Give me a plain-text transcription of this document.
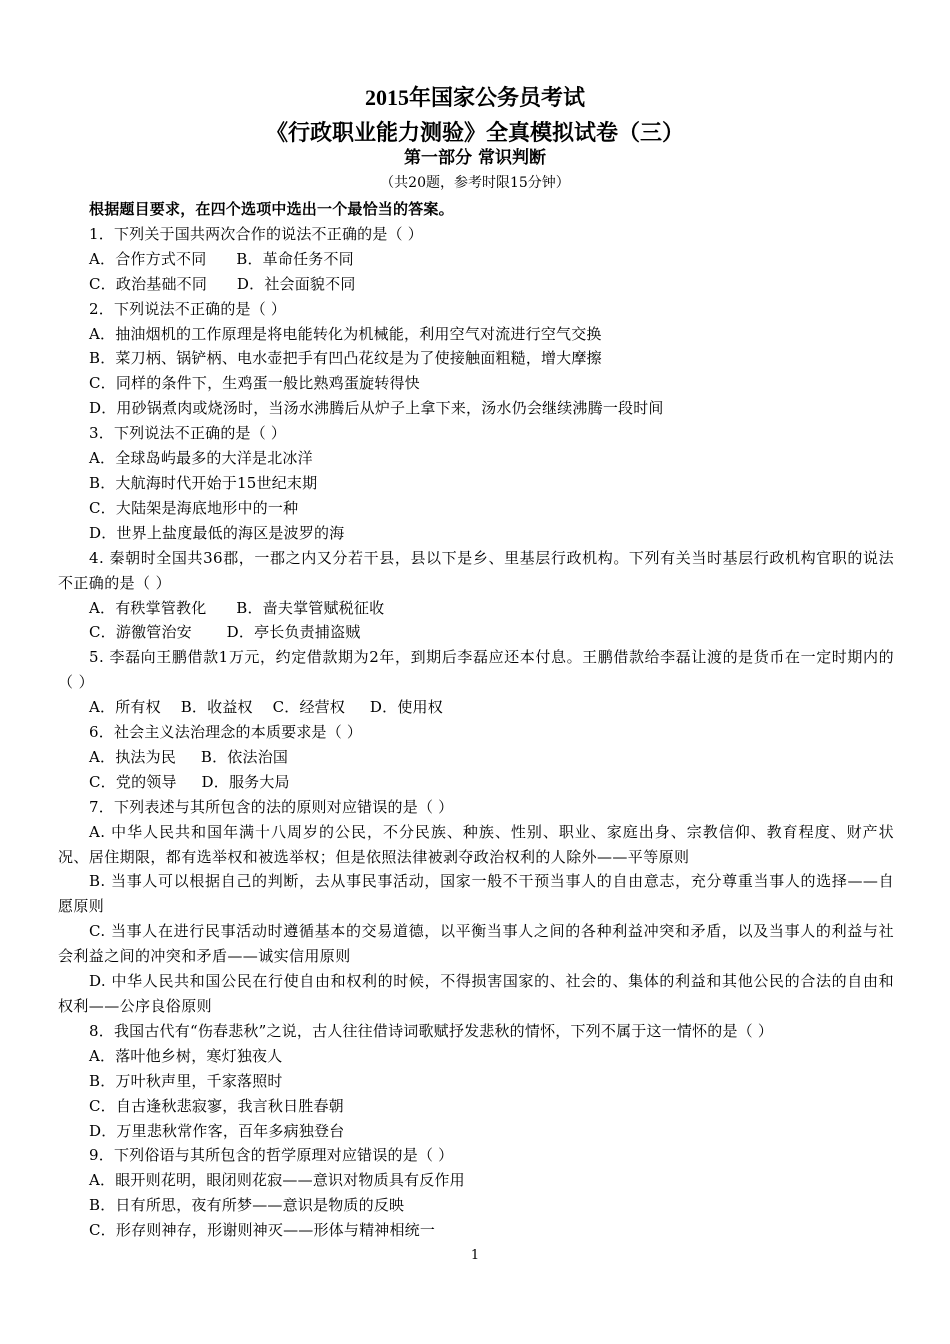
2015年国家公务员考试
《行政职业能力测验》全真模拟试卷（三）
第一部分 常识判断
（共20题，参考时限15分钟）
根据题目要求，在四个选项中选出一个最恰当的答案。
1．下列关于国共两次合作的说法不正确的是（ ）
A．合作方式不同      B．革命任务不同
C．政治基础不同      D．社会面貌不同
2．下列说法不正确的是（ ）
A．抽油烟机的工作原理是将电能转化为机械能，利用空气对流进行空气交换
B．菜刀柄、锅铲柄、电水壶把手有凹凸花纹是为了使接触面粗糙，增大摩擦
C．同样的条件下，生鸡蛋一般比熟鸡蛋旋转得快
D．用砂锅煮肉或烧汤时，当汤水沸腾后从炉子上拿下来，汤水仍会继续沸腾一段时间
3．下列说法不正确的是（ ）
A．全球岛屿最多的大洋是北冰洋
B．大航海时代开始于15世纪末期
C．大陆架是海底地形中的一种
D．世界上盐度最低的海区是波罗的海
4. 秦朝时全国共36郡，一郡之内又分若干县，县以下是乡、里基层行政机构。下列有关当时基层行政机构官职的说法不正确的是（ ）
A．有秩掌管教化      B．啬夫掌管赋税征收
C．游徼管治安       D．亭长负责捕盗贼
5. 李磊向王鹏借款1万元，约定借款期为2年，到期后李磊应还本付息。王鹏借款给李磊让渡的是货币在一定时期内的（ ）
A．所有权    B．收益权    C．经营权     D．使用权
6．社会主义法治理念的本质要求是（ ）
A．执法为民     B．依法治国
C．党的领导     D．服务大局
7．下列表述与其所包含的法的原则对应错误的是（ ）
A. 中华人民共和国年满十八周岁的公民，不分民族、种族、性别、职业、家庭出身、宗教信仰、教育程度、财产状况、居住期限，都有选举权和被选举权；但是依照法律被剥夺政治权利的人除外——平等原则
B. 当事人可以根据自己的判断，去从事民事活动，国家一般不干预当事人的自由意志，充分尊重当事人的选择——自愿原则
C. 当事人在进行民事活动时遵循基本的交易道德，以平衡当事人之间的各种利益冲突和矛盾，以及当事人的利益与社会利益之间的冲突和矛盾——诚实信用原则
D. 中华人民共和国公民在行使自由和权利的时候，不得损害国家的、社会的、集体的利益和其他公民的合法的自由和权利——公序良俗原则
8．我国古代有“伤春悲秋”之说，古人往往借诗词歌赋抒发悲秋的情怀，下列不属于这一情怀的是（ ）
A．落叶他乡树，寒灯独夜人
B．万叶秋声里，千家落照时
C．自古逢秋悲寂寥，我言秋日胜春朝
D．万里悲秋常作客，百年多病独登台
9．下列俗语与其所包含的哲学原理对应错误的是（ ）
A．眼开则花明，眼闭则花寂——意识对物质具有反作用
B．日有所思，夜有所梦——意识是物质的反映
C．形存则神存，形谢则神灭——形体与精神相统一
1
